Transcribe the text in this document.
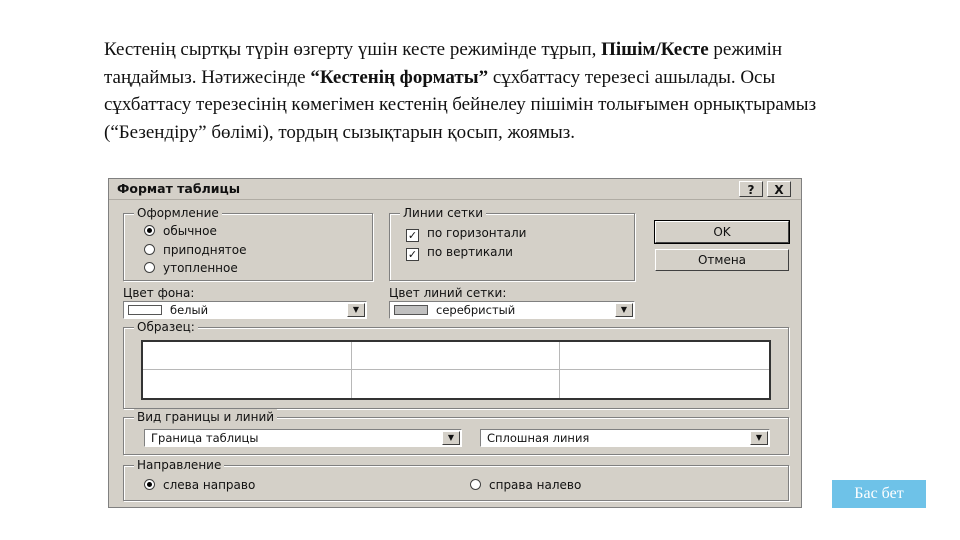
Кестенің сыртқы түрін өзгерту үшін кесте режимінде тұрып, Пішім/Кесте режимін таңдаймыз. Нәтижесінде “Кестенің форматы” сұхбаттасу терезесі ашылады. Осы сұхбаттасу терезесінің көмегімен кестенің бейнелеу пішімін толығымен орнықтырамыз (“Безендіру” бөлімі), тордың сызықтарын қосып, жоямыз.
Формат таблицы	?	X
Оформление
обычное
приподнятое
утопленное
Линии сетки
✓ по горизонтали
✓ по вертикали
OK
Отмена
Цвет фона:
белый	▼
Цвет линий сетки:
серебристый	▼
Образец:
Вид границы и линий
Граница таблицы	▼	Сплошная линия	▼
Направление
слева направо	справа налево	Бас бет
